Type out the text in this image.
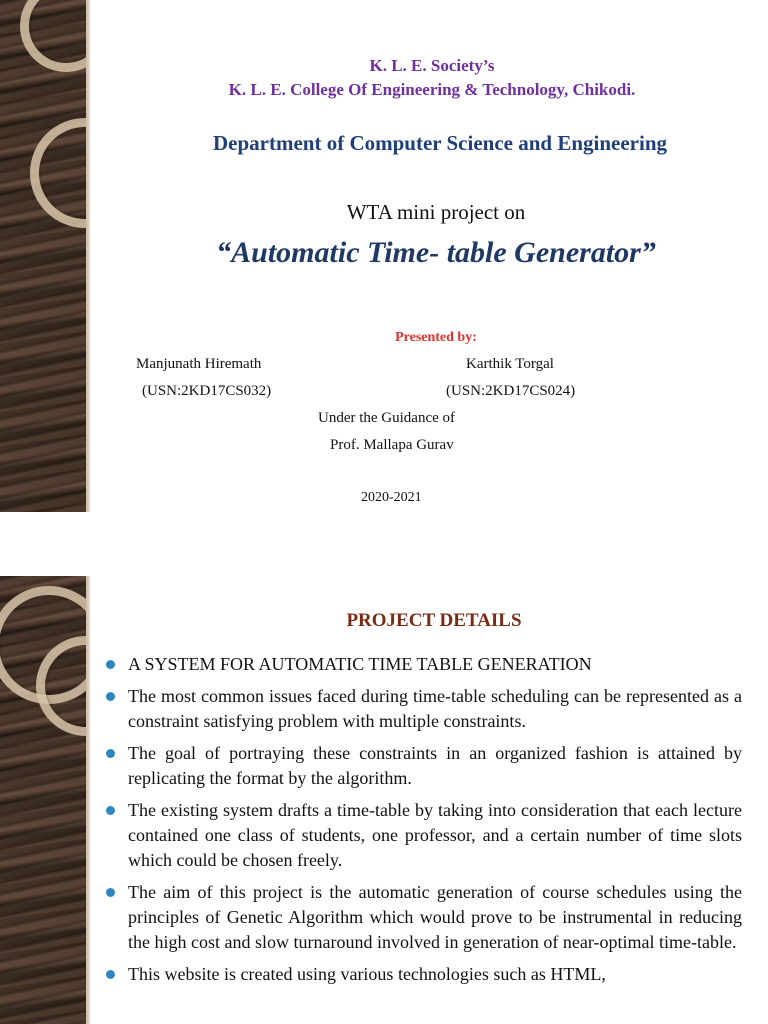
K. L. E. Society’s
K. L. E. College Of Engineering & Technology, Chikodi.
Department of Computer Science and Engineering
WTA mini project on
“Automatic Time- table Generator”
Presented by:
Manjunath Hiremath	Karthik Torgal
(USN:2KD17CS032)	(USN:2KD17CS024)
Under the Guidance of
Prof. Mallapa Gurav
2020-2021
PROJECT DETAILS
A SYSTEM FOR AUTOMATIC TIME TABLE GENERATION
The most common issues faced during time-table scheduling can be represented as a constraint satisfying problem with multiple constraints.
The goal of portraying these constraints in an organized fashion is attained by replicating the format by the algorithm.
The existing system drafts a time-table by taking into consideration that each lecture contained one class of students, one professor, and a certain number of time slots which could be chosen freely.
The aim of this project is the automatic generation of course schedules using the principles of Genetic Algorithm which would prove to be instrumental in reducing the high cost and slow turnaround involved in generation of near-optimal time-table.
This website is created using various technologies such as HTML,
